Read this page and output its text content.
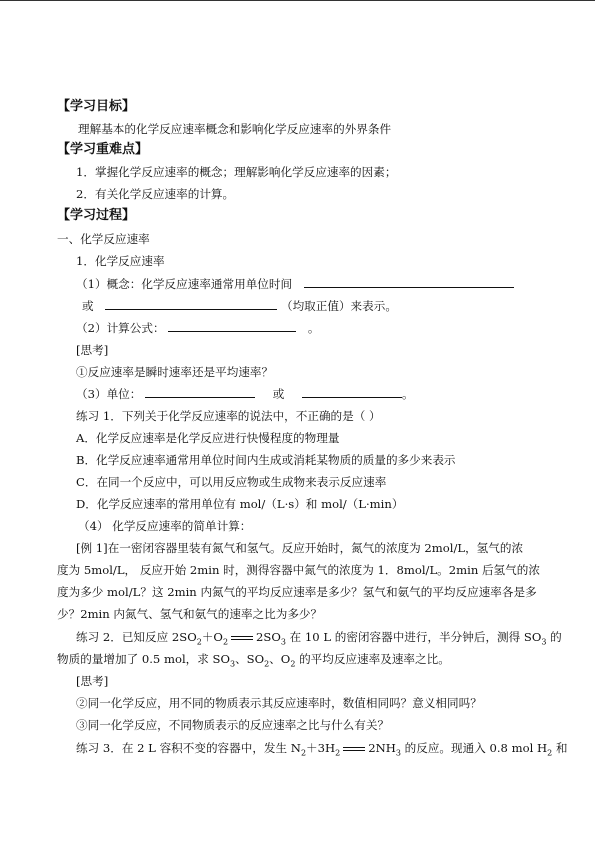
【学习目标】
理解基本的化学反应速率概念和影响化学反应速率的外界条件
【学习重难点】
1．掌握化学反应速率的概念；理解影响化学反应速率的因素；
2．有关化学反应速率的计算。
【学习过程】
一、化学反应速率
1．化学反应速率
（1）概念：化学反应速率通常用单位时间
或	（均取正值）来表示。
（2）计算公式：	。
[思考]
①反应速率是瞬时速率还是平均速率？
（3）单位：	或	。
练习 1．下列关于化学反应速率的说法中，不正确的是（ ）
A．化学反应速率是化学反应进行快慢程度的物理量
B．化学反应速率通常用单位时间内生成或消耗某物质的质量的多少来表示
C．在同一个反应中，可以用反应物或生成物来表示反应速率
D．化学反应速率的常用单位有 mol/（L·s）和 mol/（L·min）
（4） 化学反应速率的简单计算：
[例 1]在一密闭容器里装有氮气和氢气。反应开始时，氮气的浓度为 2mol/L，氢气的浓
度为 5mol/L， 反应开始 2min 时，测得容器中氮气的浓度为 1．8mol/L。2min 后氢气的浓
度为多少 mol/L？这 2min 内氮气的平均反应速率是多少？氢气和氨气的平均反应速率各是多
少？2min 内氮气、氢气和氨气的速率之比为多少？
练习 2．已知反应 $2SO_2+O_2$ $2SO_3$ 在 10 L 的密闭容器中进行，半分钟后，测得 $SO_3$ 的
物质的量增加了 0.5 mol，求 $SO_3$、$SO_2$、$O_2$ 的平均反应速率及速率之比。
[思考]
②同一化学反应，用不同的物质表示其反应速率时，数值相同吗？意义相同吗？
③同一化学反应，不同物质表示的反应速率之比与什么有关？
练习 3．在 2 L 容积不变的容器中，发生 $N_2+3H_2$ $2NH_3$ 的反应。现通入 0.8 mol $H_2$ 和
